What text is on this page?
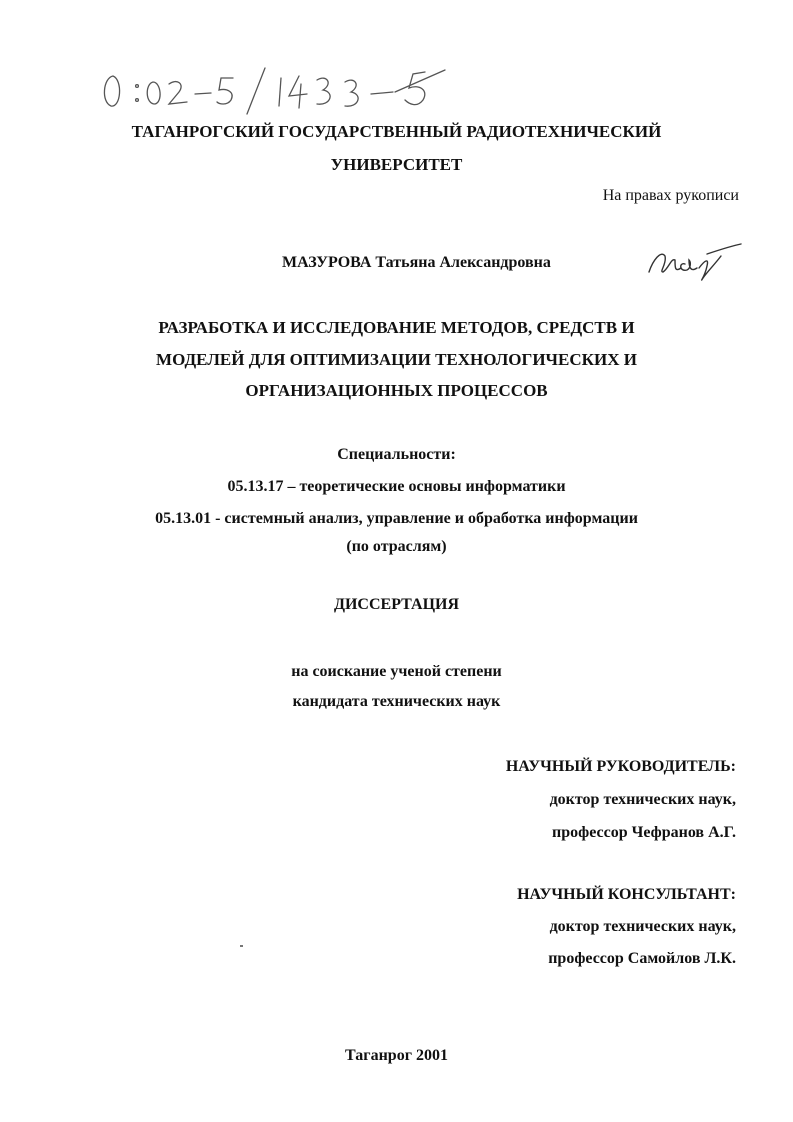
ТАГАНРОГСКИЙ ГОСУДАРСТВЕННЫЙ РАДИОТЕХНИЧЕСКИЙ
УНИВЕРСИТЕТ
На правах рукописи
МАЗУРОВА Татьяна Александровна
РАЗРАБОТКА И ИССЛЕДОВАНИЕ МЕТОДОВ, СРЕДСТВ И
МОДЕЛЕЙ ДЛЯ ОПТИМИЗАЦИИ ТЕХНОЛОГИЧЕСКИХ И
ОРГАНИЗАЦИОННЫХ ПРОЦЕССОВ
Специальности:
05.13.17 – теоретические основы информатики
05.13.01 - системный анализ, управление и обработка информации
(по отраслям)
ДИССЕРТАЦИЯ
на соискание ученой степени
кандидата технических наук
НАУЧНЫЙ РУКОВОДИТЕЛЬ:
доктор технических наук,
профессор Чефранов А.Г.
НАУЧНЫЙ КОНСУЛЬТАНТ:
доктор технических наук,
профессор Самойлов Л.К.
Таганрог 2001
